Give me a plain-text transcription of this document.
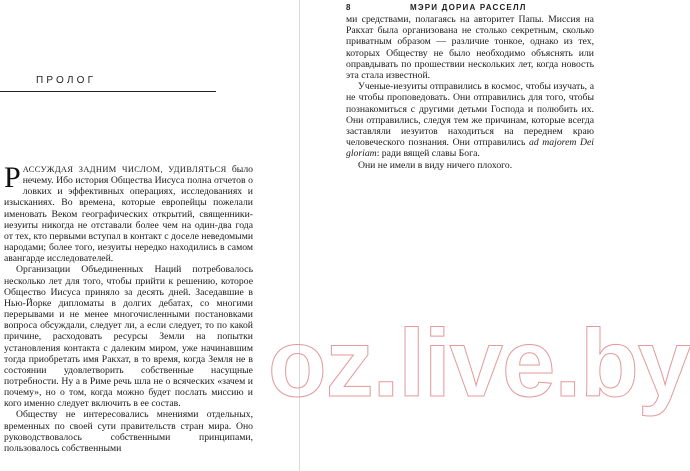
ПРОЛОГ

РАССУЖДАЯ ЗАДНИМ ЧИСЛОМ, УДИВЛЯТЬСЯ было нечему. Ибо история Общества Иисуса полна отчетов о ловких и эффективных операциях, исследованиях и изысканиях. Во времена, которые европейцы пожелали именовать Веком географических открытий, священники-иезуиты никогда не отставали более чем на один-два года от тех, кто первыми вступал в контакт с доселе неведомыми народами; более того, иезуиты нередко находились в самом авангарде исследователей.

Организации Объединенных Наций потребовалось несколько лет для того, чтобы прийти к решению, которое Общество Иисуса приняло за десять дней. Заседавшие в Нью-Йорке дипломаты в долгих дебатах, со многими перерывами и не менее многочисленными постановками вопроса обсуждали, следует ли, а если следует, то по какой причине, расходовать ресурсы Земли на попытки установления контакта с далеким миром, уже начинавшим тогда приобретать имя Ракхат, в то время, когда Земля не в состоянии удовлетворить собственные насущные потребности. Ну а в Риме речь шла не о всяческих «зачем и почему», но о том, когда можно будет послать миссию и кого именно следует включить в ее состав.

Обществу не интересовались мнениями отдельных, временных по своей сути правительств стран мира. Оно руководствовалось собственными принципами, пользовалось собственными

8	МЭРИ ДОРИА РАССЕЛЛ

ми средствами, полагаясь на авторитет Папы. Миссия на Ракхат была организована не столько секретным, сколько приватным образом — различие тонкое, однако из тех, которых Обществу не было необходимо объяснять или оправдывать по прошествии нескольких лет, когда новость эта стала известной.

Ученые-иезуиты отправились в космос, чтобы изучать, а не чтобы проповедовать. Они отправились для того, чтобы познакомиться с другими детьми Господа и полюбить их. Они отправились, следуя тем же причинам, которые всегда заставляли иезуитов находиться на переднем краю человеческого познания. Они отправились ad majorem Dei gloriam: ради вящей славы Бога.

Они не имели в виду ничего плохого.

oz.live.by
